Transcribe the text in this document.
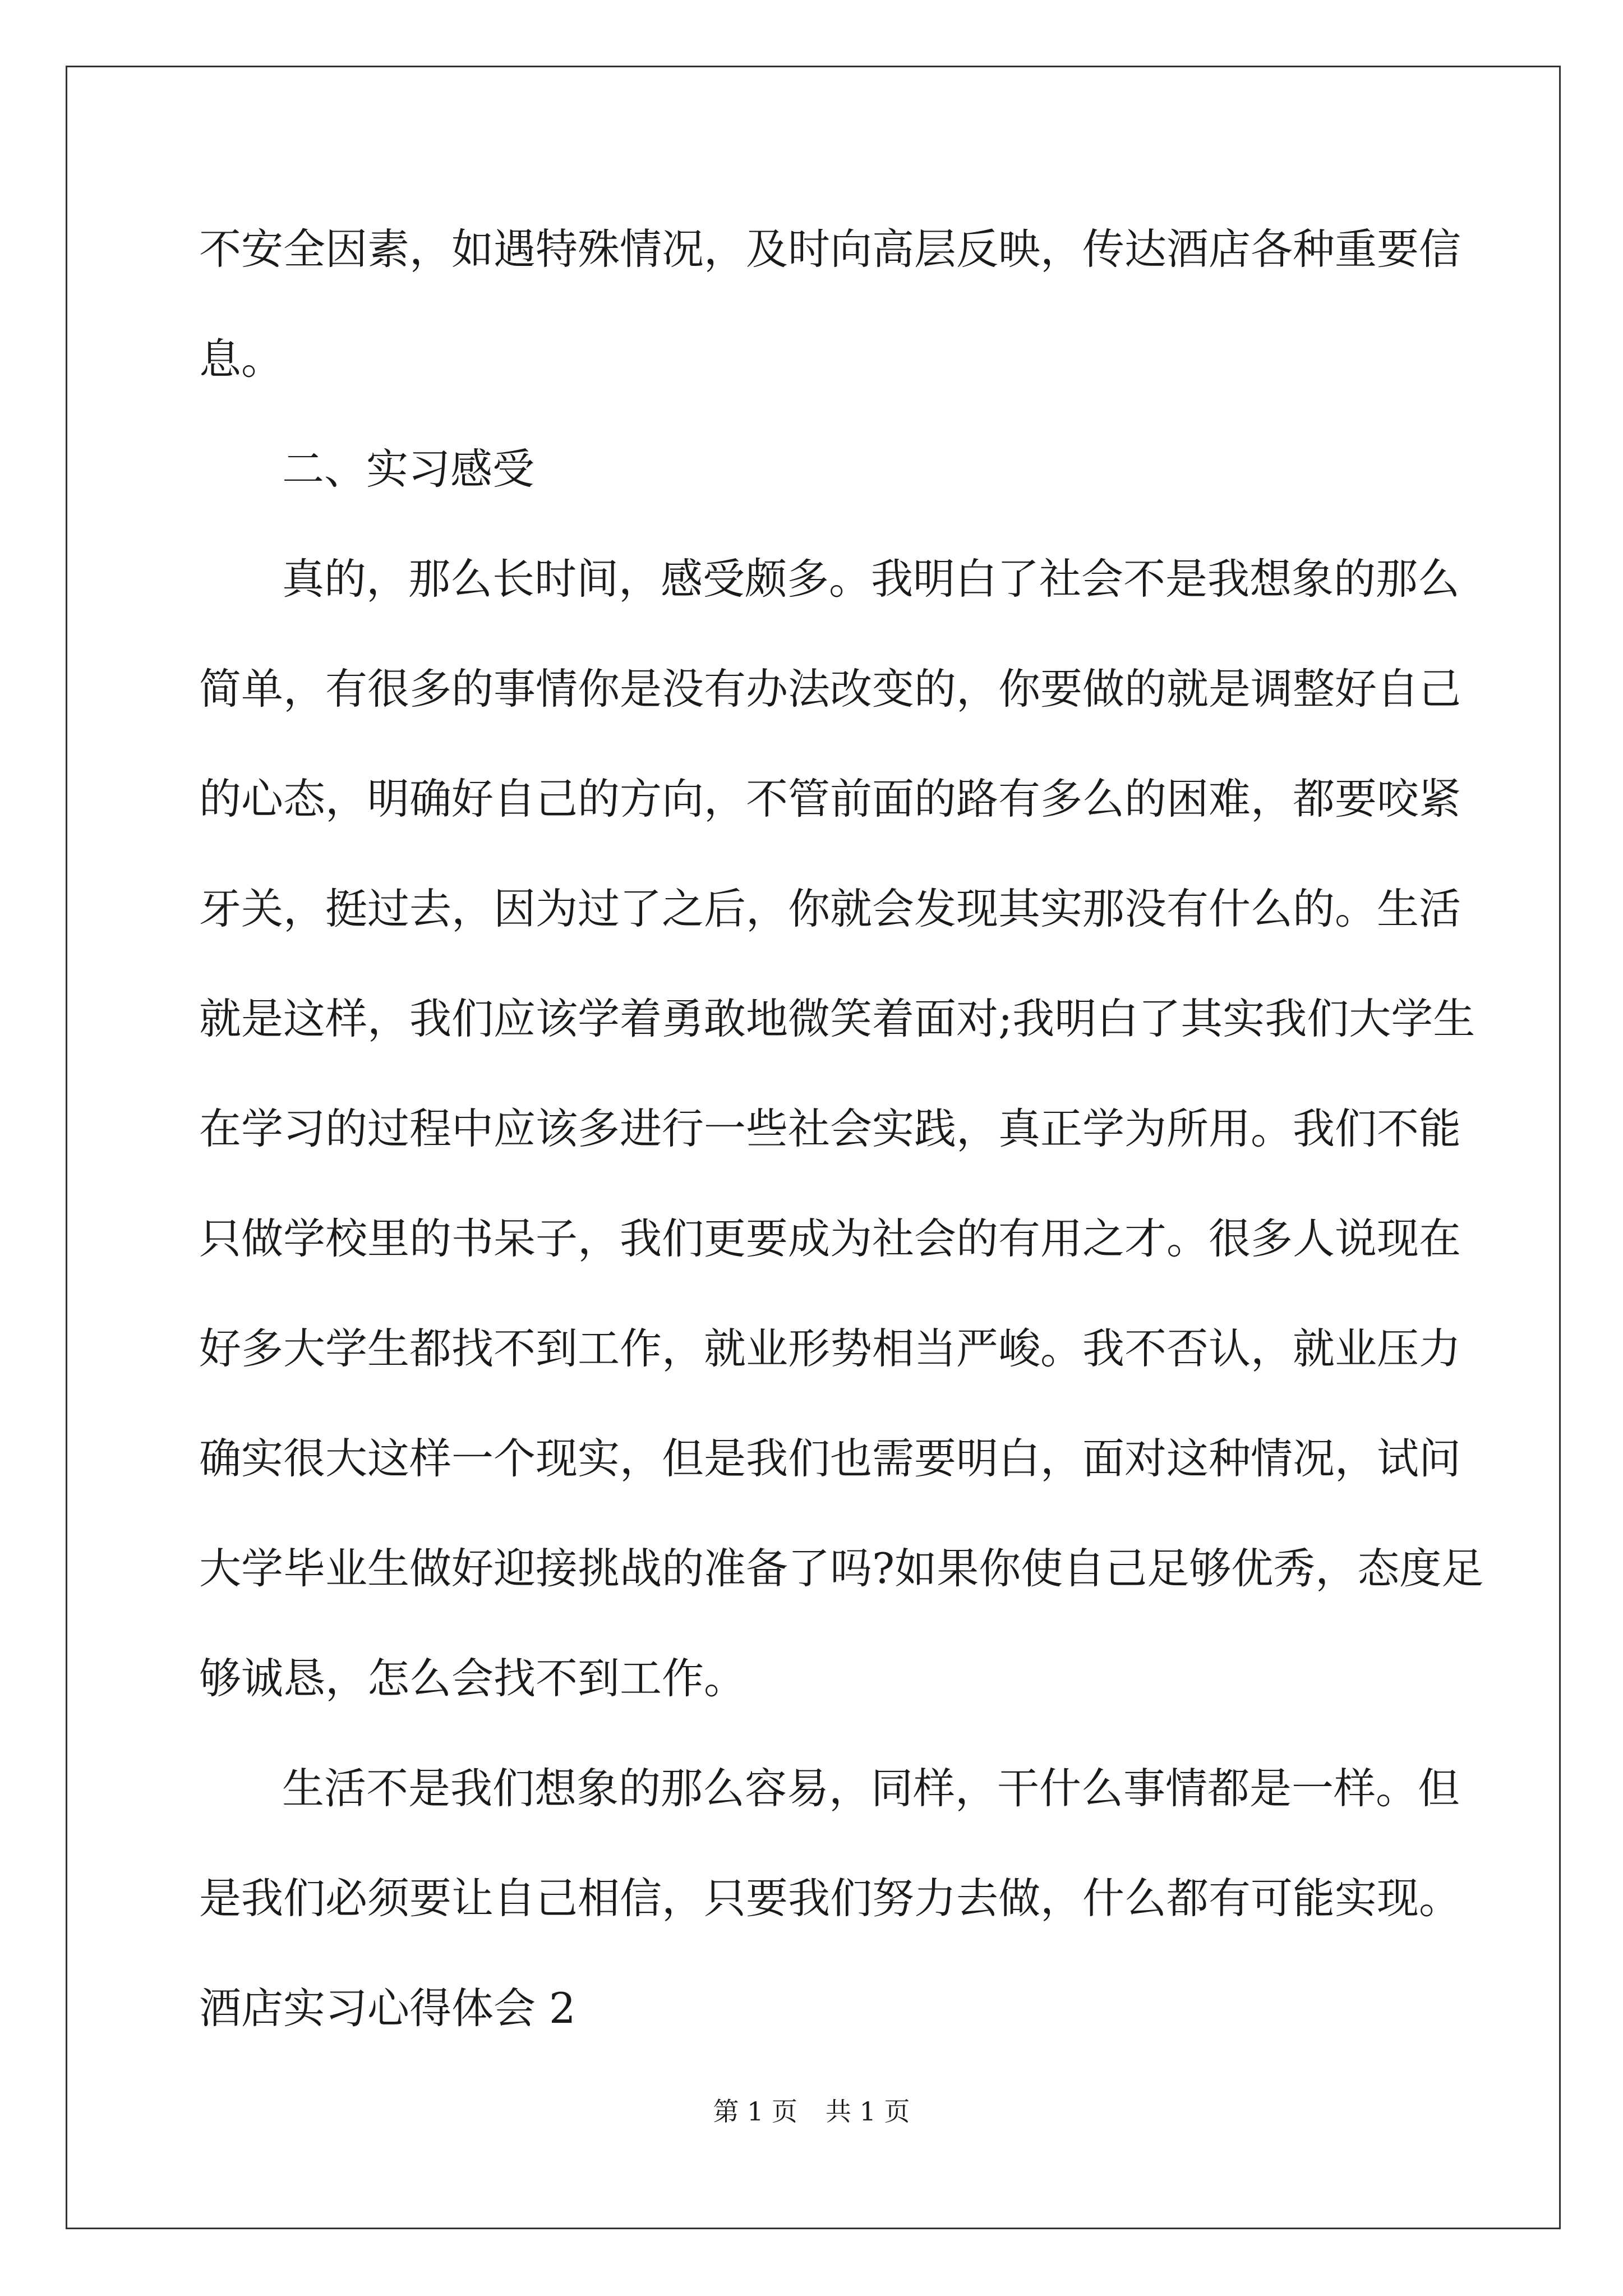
不安全因素，如遇特殊情况，及时向高层反映，传达酒店各种重要信
息。
二、实习感受
真的，那么长时间，感受颇多。我明白了社会不是我想象的那么
简单，有很多的事情你是没有办法改变的，你要做的就是调整好自己
的心态，明确好自己的方向，不管前面的路有多么的困难，都要咬紧
牙关，挺过去，因为过了之后，你就会发现其实那没有什么的。生活
就是这样，我们应该学着勇敢地微笑着面对;我明白了其实我们大学生
在学习的过程中应该多进行一些社会实践，真正学为所用。我们不能
只做学校里的书呆子，我们更要成为社会的有用之才。很多人说现在
好多大学生都找不到工作，就业形势相当严峻。我不否认，就业压力
确实很大这样一个现实，但是我们也需要明白，面对这种情况，试问
大学毕业生做好迎接挑战的准备了吗?如果你使自己足够优秀，态度足
够诚恳，怎么会找不到工作。
生活不是我们想象的那么容易，同样，干什么事情都是一样。但
是我们必须要让自己相信，只要我们努力去做，什么都有可能实现。
酒店实习心得体会 2
第 1 页 共 1 页
